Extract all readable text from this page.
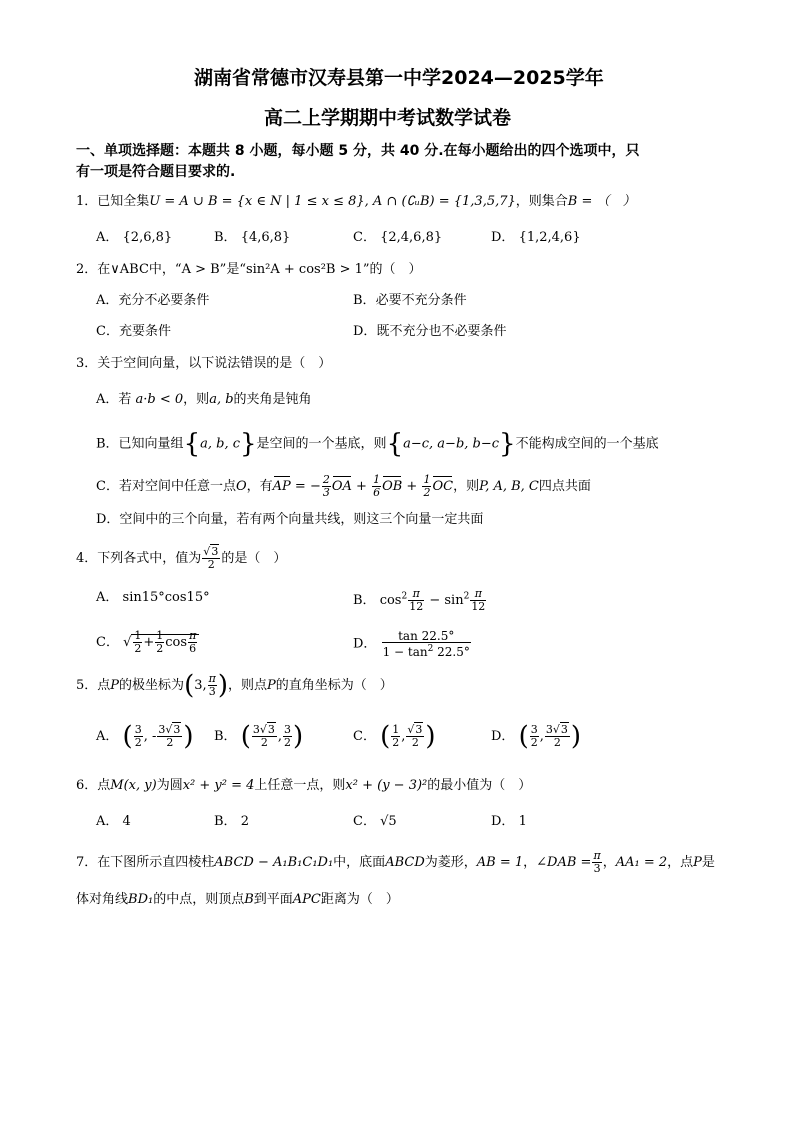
湖南省常德市汉寿县第一中学2024—2025学年
高二上学期期中考试数学试卷
一、单项选择题：本题共 8 小题，每小题 5 分，共 40 分.在每小题给出的四个选项中，只
有一项是符合题目要求的.
1．已知全集U = A ∪ B = {x ∈ N | 1 ≤ x ≤ 8}, A ∩ (∁ᵤB) = {1,3,5,7}，则集合B = （　）
A． {2,6,8}	B． {4,6,8}	C． {2,4,6,8}	D． {1,2,4,6}
2．在∨ABC中，“A > B”是“sin²A + cos²B > 1”的（　）
A．充分不必要条件	B．必要不充分条件
C．充要条件	D．既不充分也不必要条件
3．关于空间向量，以下说法错误的是（　）
A．若 a·b < 0，则a, b的夹角是钝角
B．已知向量组{a, b, c}是空间的一个基底，则{a−c, a−b, b−c}不能构成空间的一个基底
C．若对空间中任意一点O，有AP = − $\frac{2}{3}$ OA + $\frac{1}{6}$ OB + $\frac{1}{2}$ OC，则P, A, B, C四点共面
D．空间中的三个向量，若有两个向量共线，则这三个向量一定共面
4．下列各式中，值为 $\frac{√3}{2}$ 的是（　）
A． sin15°cos15°	B． $\cos^2 \frac{\pi}{12} - \sin^2 \frac{\pi}{12}$
C． √ $\frac{1}{2} + \frac{1}{2}$ $\cos \frac{\pi}{6}$	D． $\frac{\tan 22.5^\circ}{1 - \tan^2 22.5^\circ}$
5．点P的极坐标为(3, $\frac{\pi}{3}$ )，则点P的直角坐标为（　）
A． ( $\frac{3}{2}$ , - $\frac{3√3}{2}$ ) B． ( $\frac{3√3}{2}$ , $\frac{3}{2}$ )	C． ( $\frac{1}{2}$ , $\frac{√3}{2}$ )	D． ( $\frac{3}{2}$ , $\frac{3√3}{2}$ )
6．点M(x, y)为圆x² + y² = 4上任意一点，则x² + (y − 3)²的最小值为（　）
A． 4	B． 2	C． √5	D． 1
7．在下图所示直四棱柱ABCD − A₁B₁C₁D₁中，底面ABCD为菱形，AB = 1，∠DAB = $\frac{\pi}{3}$ ，AA₁ = 2，点P是
体对角线BD₁的中点，则顶点B到平面APC距离为（　）
